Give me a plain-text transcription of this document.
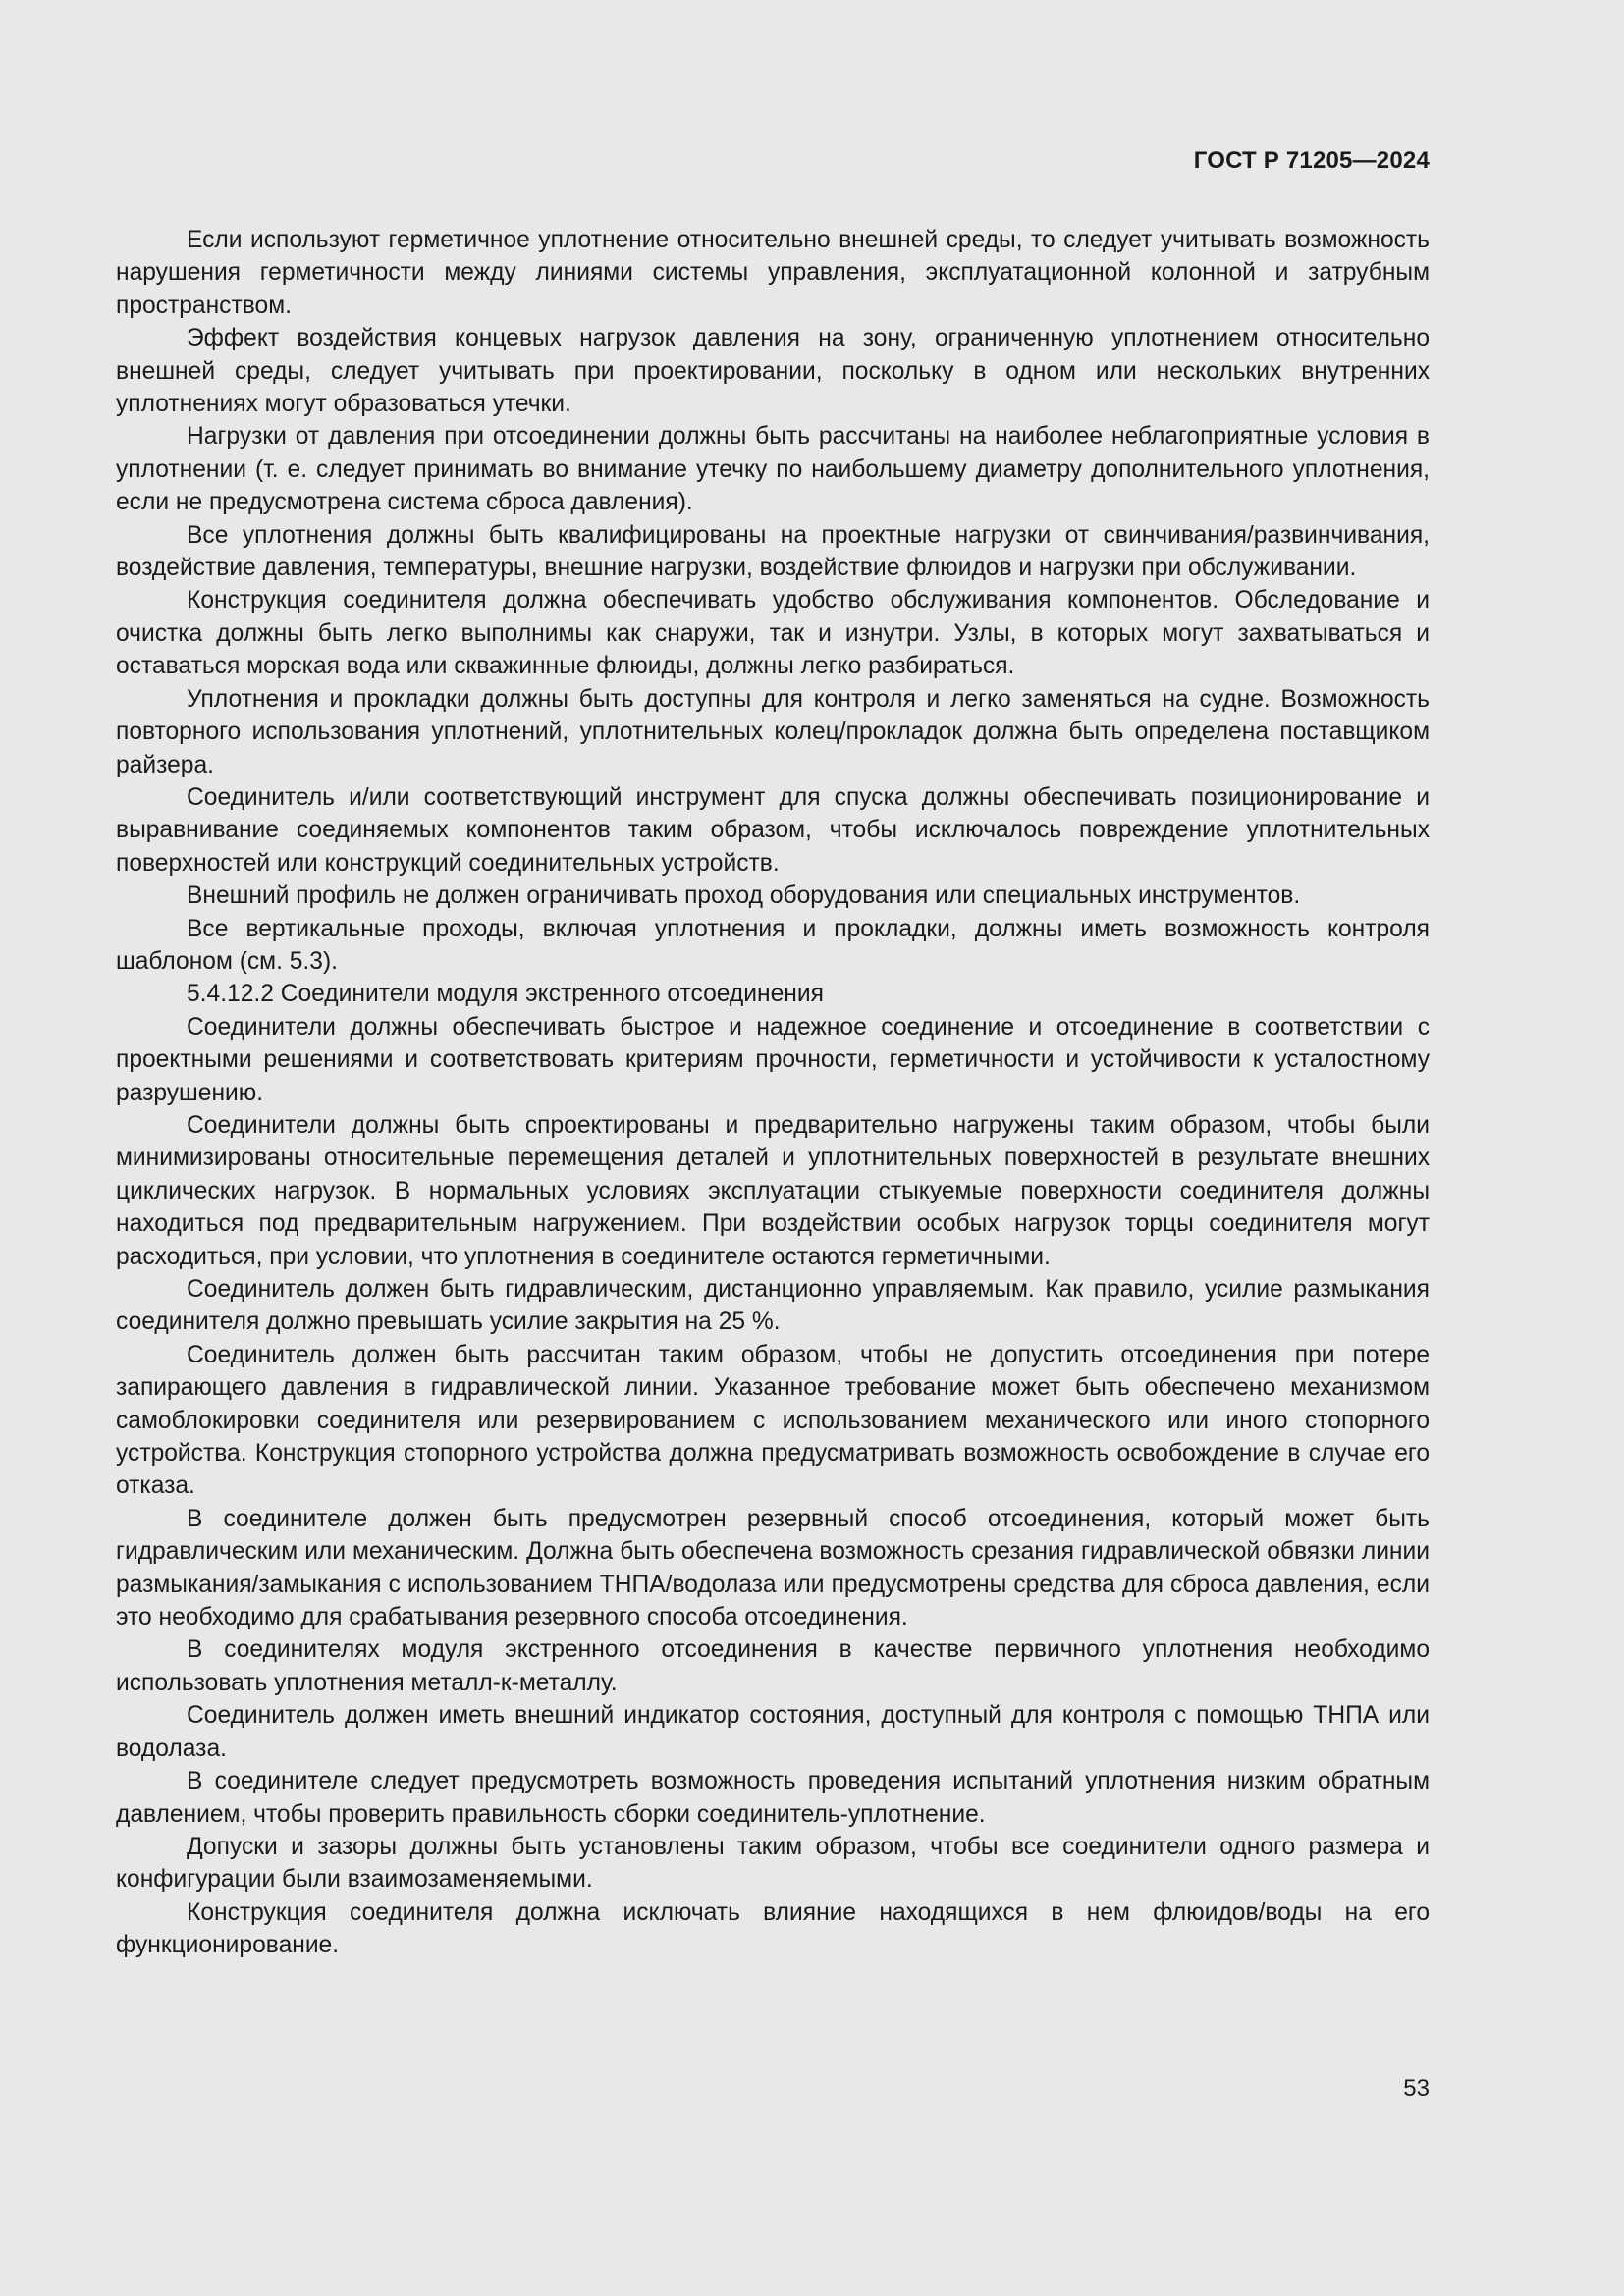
ГОСТ Р 71205—2024

Если используют герметичное уплотнение относительно внешней среды, то следует учитывать возможность нарушения герметичности между линиями системы управления, эксплуатационной колонной и затрубным пространством.

Эффект воздействия концевых нагрузок давления на зону, ограниченную уплотнением относительно внешней среды, следует учитывать при проектировании, поскольку в одном или нескольких внутренних уплотнениях могут образоваться утечки.

Нагрузки от давления при отсоединении должны быть рассчитаны на наиболее неблагоприятные условия в уплотнении (т. е. следует принимать во внимание утечку по наибольшему диаметру дополнительного уплотнения, если не предусмотрена система сброса давления).

Все уплотнения должны быть квалифицированы на проектные нагрузки от свинчивания/развинчивания, воздействие давления, температуры, внешние нагрузки, воздействие флюидов и нагрузки при обслуживании.

Конструкция соединителя должна обеспечивать удобство обслуживания компонентов. Обследование и очистка должны быть легко выполнимы как снаружи, так и изнутри. Узлы, в которых могут захватываться и оставаться морская вода или скважинные флюиды, должны легко разбираться.

Уплотнения и прокладки должны быть доступны для контроля и легко заменяться на судне. Возможность повторного использования уплотнений, уплотнительных колец/прокладок должна быть определена поставщиком райзера.

Соединитель и/или соответствующий инструмент для спуска должны обеспечивать позиционирование и выравнивание соединяемых компонентов таким образом, чтобы исключалось повреждение уплотнительных поверхностей или конструкций соединительных устройств.

Внешний профиль не должен ограничивать проход оборудования или специальных инструментов.

Все вертикальные проходы, включая уплотнения и прокладки, должны иметь возможность контроля шаблоном (см. 5.3).

5.4.12.2 Соединители модуля экстренного отсоединения

Соединители должны обеспечивать быстрое и надежное соединение и отсоединение в соответствии с проектными решениями и соответствовать критериям прочности, герметичности и устойчивости к усталостному разрушению.

Соединители должны быть спроектированы и предварительно нагружены таким образом, чтобы были минимизированы относительные перемещения деталей и уплотнительных поверхностей в результате внешних циклических нагрузок. В нормальных условиях эксплуатации стыкуемые поверхности соединителя должны находиться под предварительным нагружением. При воздействии особых нагрузок торцы соединителя могут расходиться, при условии, что уплотнения в соединителе остаются герметичными.

Соединитель должен быть гидравлическим, дистанционно управляемым. Как правило, усилие размыкания соединителя должно превышать усилие закрытия на 25 %.

Соединитель должен быть рассчитан таким образом, чтобы не допустить отсоединения при потере запирающего давления в гидравлической линии. Указанное требование может быть обеспечено механизмом самоблокировки соединителя или резервированием с использованием механического или иного стопорного устройства. Конструкция стопорного устройства должна предусматривать возможность освобождение в случае его отказа.

В соединителе должен быть предусмотрен резервный способ отсоединения, который может быть гидравлическим или механическим. Должна быть обеспечена возможность срезания гидравлической обвязки линии размыкания/замыкания с использованием ТНПА/водолаза или предусмотрены средства для сброса давления, если это необходимо для срабатывания резервного способа отсоединения.

В соединителях модуля экстренного отсоединения в качестве первичного уплотнения необходимо использовать уплотнения металл-к-металлу.

Соединитель должен иметь внешний индикатор состояния, доступный для контроля с помощью ТНПА или водолаза.

В соединителе следует предусмотреть возможность проведения испытаний уплотнения низким обратным давлением, чтобы проверить правильность сборки соединитель-уплотнение.

Допуски и зазоры должны быть установлены таким образом, чтобы все соединители одного размера и конфигурации были взаимозаменяемыми.

Конструкция соединителя должна исключать влияние находящихся в нем флюидов/воды на его функционирование.

53
